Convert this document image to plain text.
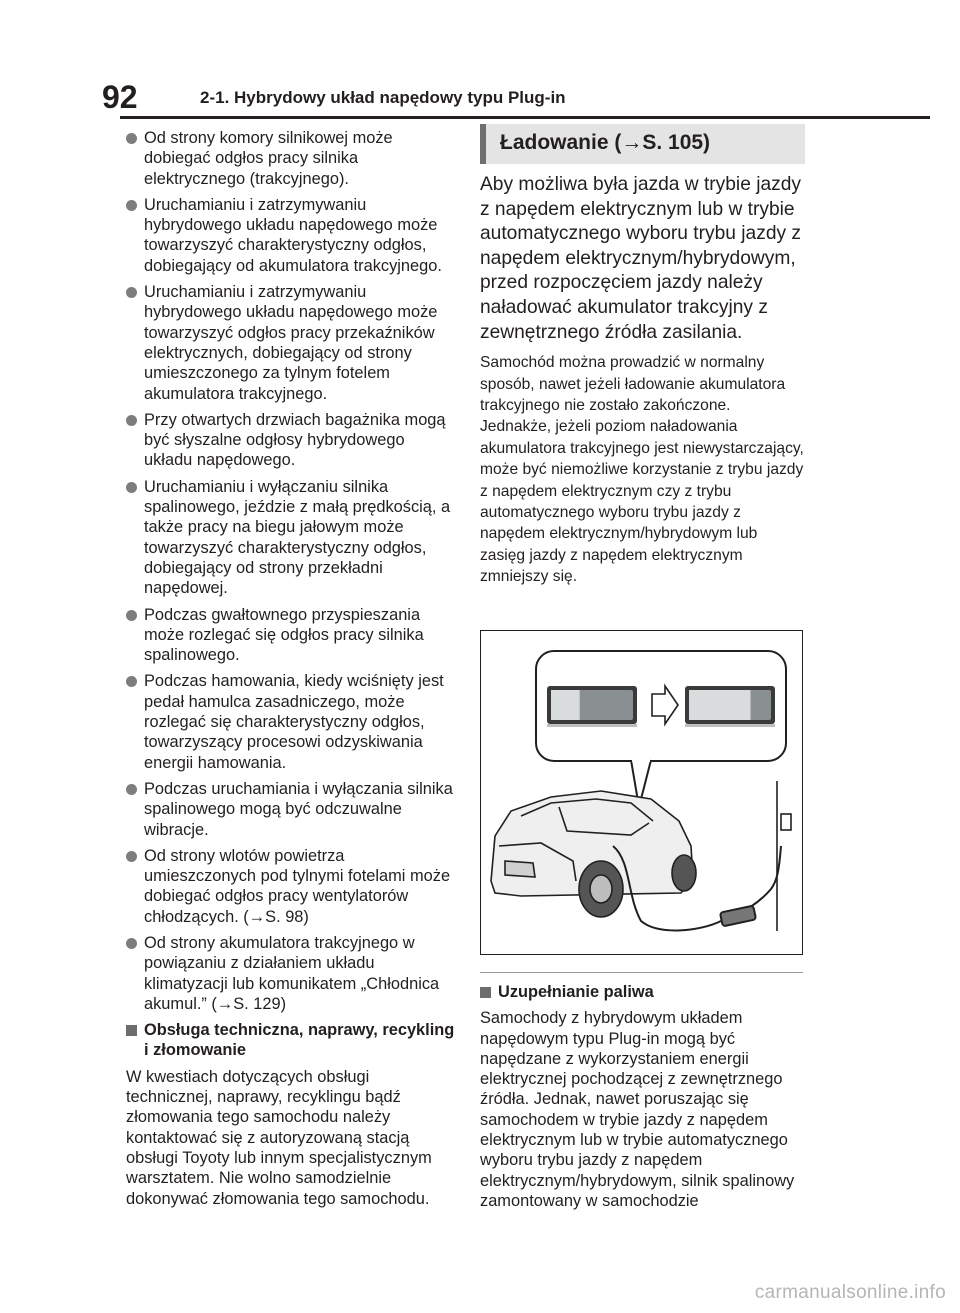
92	2-1. Hybrydowy układ napędowy typu Plug-in
Od strony komory silnikowej może dobiegać odgłos pracy silnika elektrycznego (trakcyjnego).
Uruchamianiu i zatrzymywaniu hybrydowego układu napędowego może towarzyszyć charakterystyczny odgłos, dobiegający od akumulatora trakcyjnego.
Uruchamianiu i zatrzymywaniu hybrydowego układu napędowego może towarzyszyć odgłos pracy przekaźników elektrycznych, dobiegający od strony umieszczonego za tylnym fotelem akumulatora trakcyjnego.
Przy otwartych drzwiach bagażnika mogą być słyszalne odgłosy hybrydowego układu napędowego.
Uruchamianiu i wyłączaniu silnika spalinowego, jeździe z małą prędkością, a także pracy na biegu jałowym może towarzyszyć charakterystyczny odgłos, dobiegający od strony przekładni napędowej.
Podczas gwałtownego przyspieszania może rozlegać się odgłos pracy silnika spalinowego.
Podczas hamowania, kiedy wciśnięty jest pedał hamulca zasadniczego, może rozlegać się charakterystyczny odgłos, towarzyszący procesowi odzyskiwania energii hamowania.
Podczas uruchamiania i wyłączania silnika spalinowego mogą być odczuwalne wibracje.
Od strony wlotów powietrza umieszczonych pod tylnymi fotelami może dobiegać odgłos pracy wentylatorów chłodzących. (→S. 98)
Od strony akumulatora trakcyjnego w powiązaniu z działaniem układu klimatyzacji lub komunikatem „Chłodnica akumul.” (→S. 129)
Obsługa techniczna, naprawy, recykling i złomowanie
W kwestiach dotyczących obsługi technicznej, naprawy, recyklingu bądź złomowania tego samochodu należy kontaktować się z autoryzowaną stacją obsługi Toyoty lub innym specjalistycznym warsztatem. Nie wolno samodzielnie dokonywać złomowania tego samochodu.
Ładowanie (→S. 105)
Aby możliwa była jazda w trybie jazdy z napędem elektrycznym lub w trybie automatycznego wyboru trybu jazdy z napędem elektrycznym/hybrydowym, przed rozpoczęciem jazdy należy naładować akumulator trakcyjny z zewnętrznego źródła zasilania.
Samochód można prowadzić w normalny sposób, nawet jeżeli ładowanie akumulatora trakcyjnego nie zostało zakończone. Jednakże, jeżeli poziom naładowania akumulatora trakcyjnego jest niewystarczający, może być niemożliwe korzystanie z trybu jazdy z napędem elektrycznym czy z trybu automatycznego wyboru trybu jazdy z napędem elektrycznym/hybrydowym lub zasięg jazdy z napędem elektrycznym zmniejszy się.
Uzupełnianie paliwa
Samochody z hybrydowym układem napędowym typu Plug-in mogą być napędzane z wykorzystaniem energii elektrycznej pochodzącej z zewnętrznego źródła. Jednak, nawet poruszając się samochodem w trybie jazdy z napędem elektrycznym lub w trybie automatycznego wyboru trybu jazdy z napędem elektrycznym/hybrydowym, silnik spalinowy zamontowany w samochodzie
carmanualsonline.info
